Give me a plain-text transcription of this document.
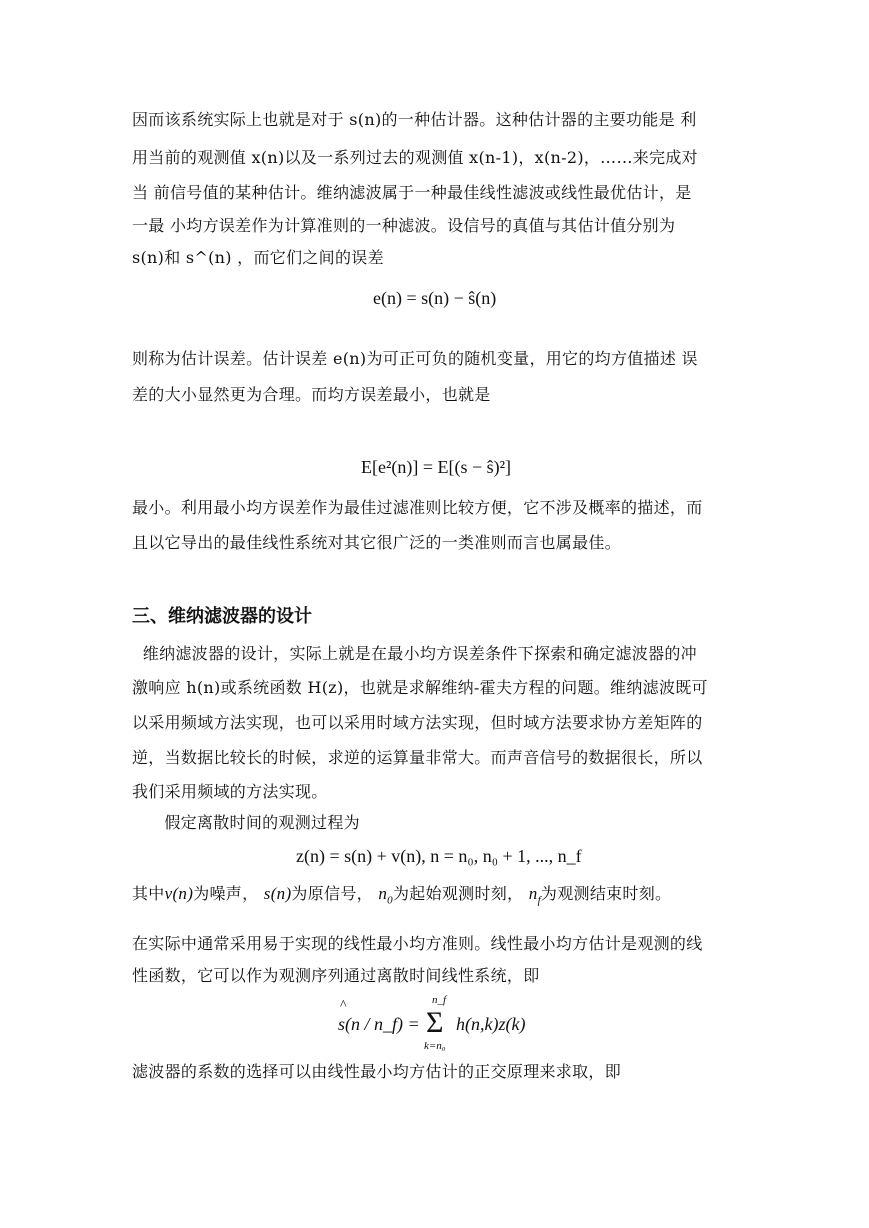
因而该系统实际上也就是对于 s(n)的一种估计器。这种估计器的主要功能是 利
用当前的观测值 x(n)以及一系列过去的观测值 x(n-1)，x(n-2)，……来完成对
当 前信号值的某种估计。维纳滤波属于一种最佳线性滤波或线性最优估计，是
一最 小均方误差作为计算准则的一种滤波。设信号的真值与其估计值分别为
s(n)和 s^(n) ，而它们之间的误差
e(n) = s(n) − ŝ(n)
则称为估计误差。估计误差 e(n)为可正可负的随机变量，用它的均方值描述 误
差的大小显然更为合理。而均方误差最小，也就是
E[e²(n)] = E[(s − ŝ)²]
最小。利用最小均方误差作为最佳过滤准则比较方便，它不涉及概率的描述，而
且以它导出的最佳线性系统对其它很广泛的一类准则而言也属最佳。
三、维纳滤波器的设计
维纳滤波器的设计，实际上就是在最小均方误差条件下探索和确定滤波器的冲
激响应 h(n)或系统函数 H(z)，也就是求解维纳-霍夫方程的问题。维纳滤波既可
以采用频域方法实现，也可以采用时域方法实现，但时域方法要求协方差矩阵的
逆，当数据比较长的时候，求逆的运算量非常大。而声音信号的数据很长，所以
我们采用频域的方法实现。
假定离散时间的观测过程为
z(n) = s(n) + v(n), n = n₀, n₀ + 1, ..., n_f
其中v(n)为噪声， s(n)为原信号， $n_0$为起始观测时刻， $n_f$为观测结束时刻。
在实际中通常采用易于实现的线性最小均方准则。线性最小均方估计是观测的线
性函数，它可以作为观测序列通过离散时间线性系统，即
^
s(n / n_f) =
n_f
Σ
k=n₀
h(n,k)z(k)
滤波器的系数的选择可以由线性最小均方估计的正交原理来求取，即
